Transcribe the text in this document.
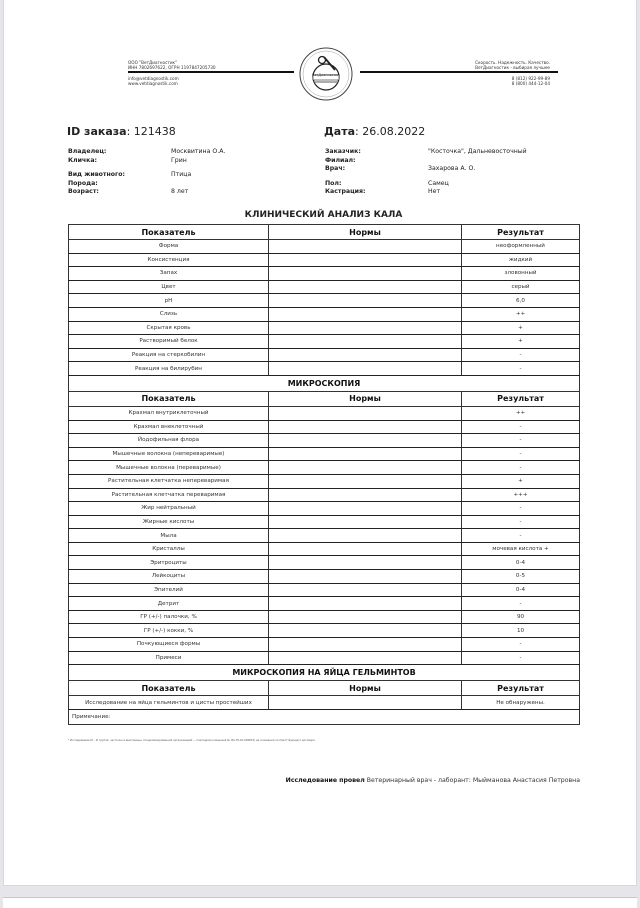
ООО "ВетДиагностик"
ИНН 7802697622, ОГРН 1197847205730
info@vetdiagnostik.com
www.vetdiagnostik.com
ВетДиагностик
Скорость. Надежность. Качество.
ВетДиагностик - выбирая лучшее
8 (812) 922-99-89
8 (800) 444-12-04
ID заказа: 121438	Дата: 26.08.2022
Владелец:	Москвитина О.А.
Кличка:	Грин
Вид животного:	Птица
Порода:
Возраст:	8 лет
Заказчик:	"Косточка", Дальневосточный
Филиал:
Врач:	Захарова А. О.
Пол:	Самец
Кастрация:	Нет
КЛИНИЧЕСКИЙ АНАЛИЗ КАЛА
Показатель	Нормы	Результат
Форма		неоформленный
Консистенция		жидкий
Запах		зловонный
Цвет		серый
pH		6,0
Слизь		++
Скрытая кровь		+
Растворимый белок		+
Реакция на стеркобилин		-
Реакция на билирубин		-
МИКРОСКОПИЯ		
Показатель	Нормы	Результат
Крахмал внутриклеточный		++
Крахмал внеклеточный		-
Йодофильная флора		-
Мышечные волокна (непереваримые)		-
Мышечные волокна (переваримые)		-
Растительная клетчатка непереваримая		+
Растительная клетчатка переваримая		+++
Жир нейтральный		-
Жирные кислоты		-
Мыла		-
Кристаллы		мочевая кислота +
Эритроциты		0-4
Лейкоциты		0-5
Эпителий		0-4
Детрит		-
ГР (+/-) палочки, %		90
ГР (+/-) кокки, %		10
Почкующиеся формы		-
Примеси		-
МИКРОСКОПИЯ НА ЯЙЦА ГЕЛЬМИНТОВ		
Показатель	Нормы	Результат
Исследование на яйца гельминтов и цисты простейших		Не обнаружены.
Примечание:		
* Исследование ID - Ф группе: частично в выполнены, специализированной организацией — партнером (лицензия № ЛО-78-01-009833) на основании соответствующего договора
Исследование провел Ветеринарный врач - лаборант: Мыйманова Анастасия Петровна
